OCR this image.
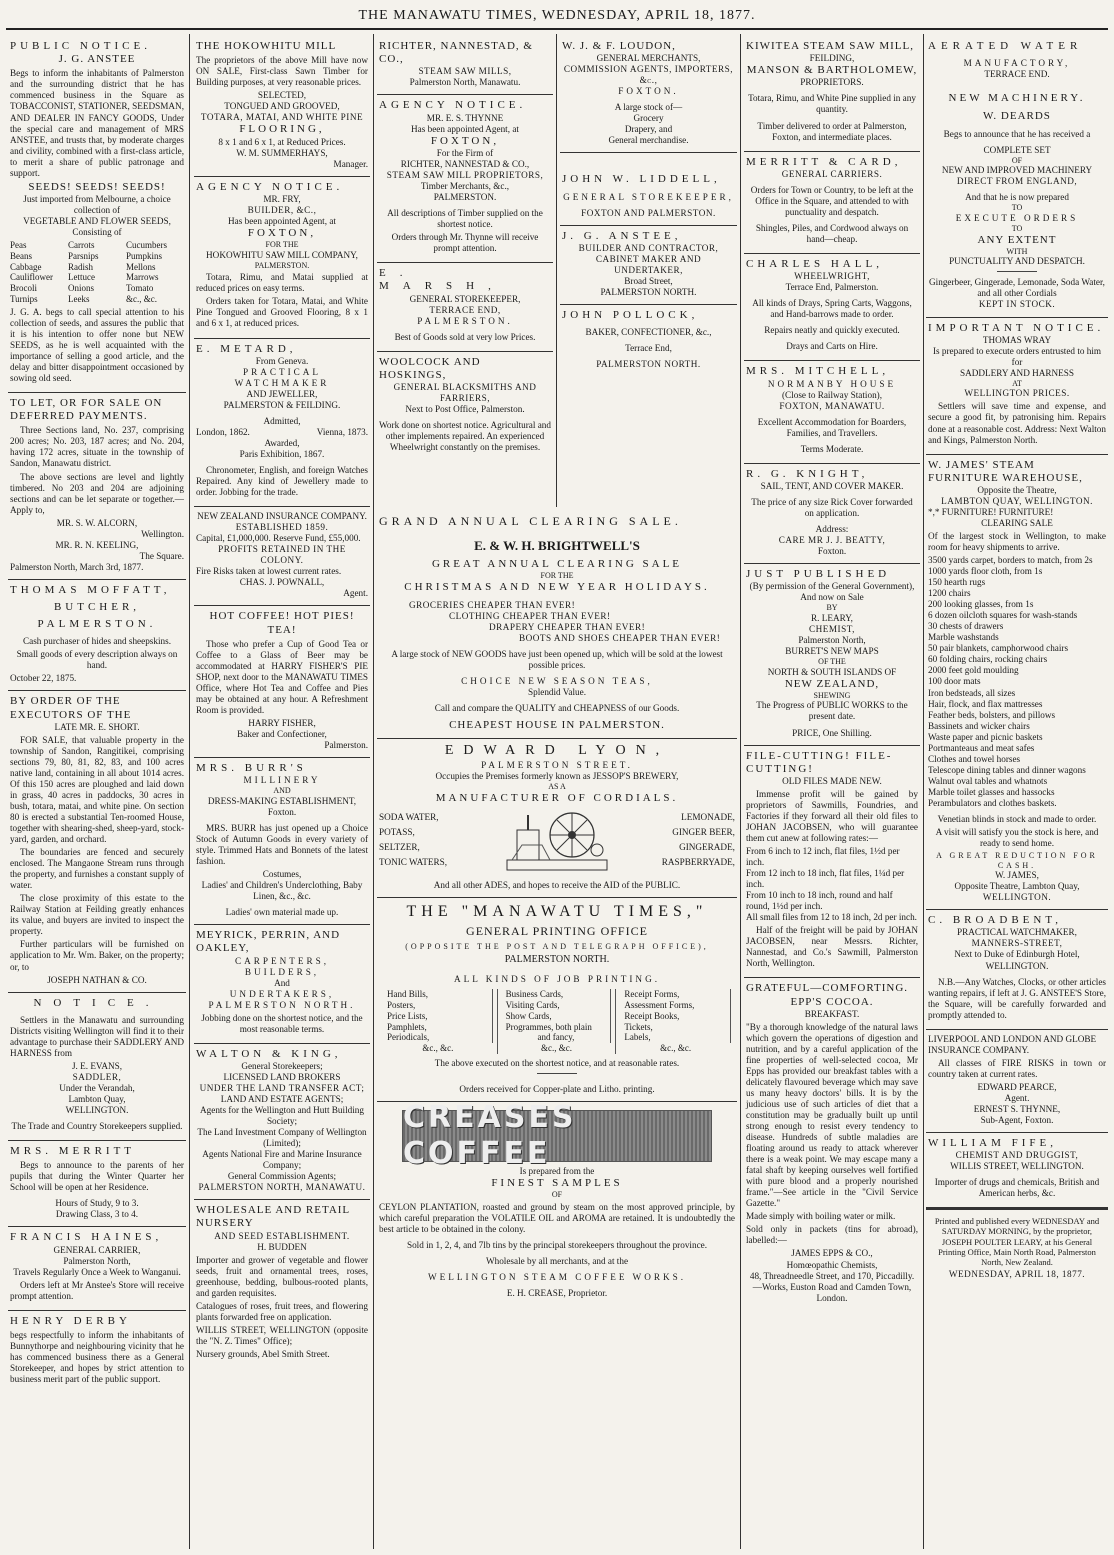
THE MANAWATU TIMES, WEDNESDAY, APRIL 18, 1877.
PUBLIC NOTICE.
J. G. ANSTEE

Begs to inform the inhabitants of Palmerston and the surrounding district that he has commenced business in the Square as TOBACCONIST, STATIONER, SEEDSMAN, AND DEALER IN FANCY GOODS, Under the special care and management of MRS ANSTEE, and trusts that, by moderate charges and civility, combined with a first-class article, to merit a share of public patronage and support.

SEEDS! SEEDS! SEEDS!
Just imported from Melbourne, a choice collection of
VEGETABLE AND FLOWER SEEDS,
Consisting of
Peas	Carrots	Cucumbers
Beans	Parsnips	Pumpkins
Cabbage	Radish	Mellons
Cauliflower	Lettuce	Marrows
Brocoli	Onions	Tomato
Turnips	Leeks	&c., &c.

J. G. A. begs to call special attention to his collection of seeds, and assures the public that it is his intention to offer none but NEW SEEDS, as he is well acquainted with the importance of selling a good article, and the delay and bitter disappointment occasioned by sowing old seed.

TO LET, OR FOR SALE ON DEFERRED PAYMENTS.

Three Sections land, No. 237, comprising 200 acres; No. 203, 187 acres; and No. 204, having 172 acres, situate in the township of Sandon, Manawatu district.

The above sections are level and lightly timbered. No 203 and 204 are adjoining sections and can be let separate or together.—Apply to,

MR. S. W. ALCORN,
Wellington.
MR. R. N. KEELING,
The Square.
Palmerston North, March 3rd, 1877.
THOMAS MOFFATT,
BUTCHER,
PALMERSTON.

Cash purchaser of hides and sheepskins.

Small goods of every description always on hand.

October 22, 1875.
BY ORDER OF THE EXECUTORS OF THE
LATE MR. E. SHORT.

FOR SALE, that valuable property in the township of Sandon, Rangitikei, comprising sections 79, 80, 81, 82, 83, and 100 acres native land, containing in all about 1014 acres. Of this 150 acres are ploughed and laid down in grass, 40 acres in paddocks, 30 acres in bush, totara, matai, and white pine. On section 80 is erected a substantial Ten-roomed House, together with shearing-shed, sheep-yard, stock-yard, garden, and orchard.

The boundaries are fenced and securely enclosed. The Mangaone Stream runs through the property, and furnishes a constant supply of water.

The close proximity of this estate to the Railway Station at Feilding greatly enhances its value, and buyers are invited to inspect the property.

Further particulars will be furnished on application to Mr. Wm. Baker, on the property; or, to

JOSEPH NATHAN & CO.
NOTICE.

Settlers in the Manawatu and surrounding Districts visiting Wellington will find it to their advantage to purchase their SADDLERY AND HARNESS from

J. E. EVANS,
SADDLER,
Under the Verandah,
Lambton Quay,
WELLINGTON.

The Trade and Country Storekeepers supplied.

MRS. MERRITT

Begs to announce to the parents of her pupils that during the Winter Quarter her School will be open at her Residence.

Hours of Study, 9 to 3.
Drawing Class, 3 to 4.
FRANCIS HAINES,
GENERAL CARRIER,
Palmerston North,
Travels Regularly Once a Week to Wanganui.

Orders left at Mr Anstee's Store will receive prompt attention.

HENRY DERBY

begs respectfully to inform the inhabitants of Bunnythorpe and neighbouring vicinity that he has commenced business there as a General Storekeeper, and hopes by strict attention to business merit part of the public support.

THE HOKOWHITU MILL

The proprietors of the above Mill have now ON SALE, First-class Sawn Timber for Building purposes, at very reasonable prices.

SELECTED,
TONGUED AND GROOVED,
TOTARA, MATAI, AND WHITE PINE
FLOORING,
8 x 1 and 6 x 1, at Reduced Prices.
W. M. SUMMERHAYS,
Manager.
AGENCY NOTICE.
MR. FRY,
BUILDER, &C.,
Has been appointed Agent, at
FOXTON,
FOR THE
HOKOWHITU SAW MILL COMPANY,
PALMERSTON.

Totara, Rimu, and Matai supplied at reduced prices on easy terms.

Orders taken for Totara, Matai, and White Pine Tongued and Grooved Flooring, 8 x 1 and 6 x 1, at reduced prices.

E. METARD,
From Geneva.
PRACTICAL WATCHMAKER
AND JEWELLER,
PALMERSTON & FEILDING.
Admitted,
London, 1862.	Vienna, 1873.
Awarded,
Paris Exhibition, 1867.

Chronometer, English, and foreign Watches Repaired. Any kind of Jewellery made to order. Jobbing for the trade.

NEW ZEALAND INSURANCE COMPANY.
ESTABLISHED 1859.
Capital, £1,000,000. Reserve Fund, £55,000.
PROFITS RETAINED IN THE COLONY.
Fire Risks taken at lowest current rates.
CHAS. J. POWNALL,
Agent.
HOT COFFEE! HOT PIES! TEA!

Those who prefer a Cup of Good Tea or Coffee to a Glass of Beer may be accommodated at HARRY FISHER'S PIE SHOP, next door to the MANAWATU TIMES Office, where Hot Tea and Coffee and Pies may be obtained at any hour. A Refreshment Room is provided.

HARRY FISHER,
Baker and Confectioner,
Palmerston.
MRS. BURR'S
MILLINERY
AND
DRESS-MAKING ESTABLISHMENT,
Foxton.

MRS. BURR has just opened up a Choice Stock of Autumn Goods in every variety of style. Trimmed Hats and Bonnets of the latest fashion.

Costumes,
Ladies' and Children's Underclothing, Baby Linen, &c., &c.
Ladies' own material made up.
MEYRICK, PERRIN, AND OAKLEY,
CARPENTERS, BUILDERS,
And
UNDERTAKERS,
PALMERSTON NORTH.

Jobbing done on the shortest notice, and the most reasonable terms.

WALTON & KING,
General Storekeepers;
LICENSED LAND BROKERS
UNDER THE LAND TRANSFER ACT;
LAND AND ESTATE AGENTS;
Agents for the Wellington and Hutt Building Society;
The Land Investment Company of Wellington (Limited);
Agents National Fire and Marine Insurance Company;
General Commission Agents;
PALMERSTON NORTH, MANAWATU.
WHOLESALE AND RETAIL NURSERY
AND SEED ESTABLISHMENT.
H. BUDDEN

Importer and grower of vegetable and flower seeds, fruit and ornamental trees, roses, greenhouse, bedding, bulbous-rooted plants, and garden requisites.

Catalogues of roses, fruit trees, and flowering plants forwarded free on application.

WILLIS STREET, WELLINGTON (opposite the "N. Z. Times" Office);

Nursery grounds, Abel Smith Street.
RICHTER, NANNESTAD, & CO.,
STEAM SAW MILLS,
Palmerston North, Manawatu.
AGENCY NOTICE.
MR. E. S. THYNNE
Has been appointed Agent, at
FOXTON,
For the Firm of
RICHTER, NANNESTAD & CO.,
STEAM SAW MILL PROPRIETORS,
Timber Merchants, &c.,
PALMERSTON.

All descriptions of Timber supplied on the shortest notice.

Orders through Mr. Thynne will receive prompt attention.

E. MARSH,
GENERAL STOREKEEPER,
TERRACE END,
PALMERSTON.

Best of Goods sold at very low Prices.

WOOLCOCK AND HOSKINGS,
GENERAL BLACKSMITHS AND FARRIERS,
Next to Post Office, Palmerston.

Work done on shortest notice. Agricultural and other implements repaired. An experienced Wheelwright constantly on the premises.

W. J. & F. LOUDON,
GENERAL MERCHANTS,
COMMISSION AGENTS, IMPORTERS, &c.,
FOXTON.
A large stock of—
Grocery
Drapery, and
General merchandise.
JOHN W. LIDDELL,
GENERAL STOREKEEPER,
FOXTON AND PALMERSTON.
J. G. ANSTEE,
BUILDER AND CONTRACTOR,
CABINET MAKER AND UNDERTAKER,
Broad Street,
PALMERSTON NORTH.
JOHN POLLOCK,
BAKER, CONFECTIONER, &c.,
Terrace End,
PALMERSTON NORTH.
GRAND ANNUAL CLEARING SALE.
E. & W. H. BRIGHTWELL'S
GREAT ANNUAL CLEARING SALE
FOR THE
CHRISTMAS AND NEW YEAR HOLIDAYS.
GROCERIES CHEAPER THAN EVER!
CLOTHING CHEAPER THAN EVER!
DRAPERY CHEAPER THAN EVER!
BOOTS AND SHOES CHEAPER THAN EVER!

A large stock of NEW GOODS have just been opened up, which will be sold at the lowest possible prices.

CHOICE NEW SEASON TEAS,
Splendid Value.

Call and compare the QUALITY and CHEAPNESS of our Goods.

CHEAPEST HOUSE IN PALMERSTON.
EDWARD LYON,
PALMERSTON STREET.
Occupies the Premises formerly known as JESSOP'S BREWERY,
AS A
MANUFACTURER OF CORDIALS.
SODA WATER,
POTASS,
SELTZER,
TONIC WATERS,
LEMONADE,
GINGER BEER,
GINGERADE,
RASPBERRYADE,
And all other ADES, and hopes to receive the AID of the PUBLIC.
THE "MANAWATU TIMES,"
GENERAL PRINTING OFFICE
(OPPOSITE THE POST AND TELEGRAPH OFFICE),
PALMERSTON NORTH.
ALL KINDS OF JOB PRINTING.
Hand Bills,
Posters,
Price Lists,
Pamphlets,
Periodicals,
&c., &c.
Business Cards,
Visiting Cards,
Show Cards,
Programmes, both plain
and fancy,
&c., &c.
Receipt Forms,
Assessment Forms,
Receipt Books,
Tickets,
Labels,
&c., &c.
The above executed on the shortest notice, and at reasonable rates.
Orders received for Copper-plate and Litho. printing.
CREASES COFFEE
Is prepared from the
FINEST SAMPLES
OF

CEYLON PLANTATION, roasted and ground by steam on the most approved principle, by which careful preparation the VOLATILE OIL and AROMA are retained. It is undoubtedly the best article to be obtained in the colony.

Sold in 1, 2, 4, and 7lb tins by the principal storekeepers throughout the province.
Wholesale by all merchants, and at the
WELLINGTON STEAM COFFEE WORKS.
E. H. CREASE, Proprietor.
KIWITEA STEAM SAW MILL,
FEILDING,
MANSON & BARTHOLOMEW,
PROPRIETORS.

Totara, Rimu, and White Pine supplied in any quantity.

Timber delivered to order at Palmerston, Foxton, and intermediate places.

MERRITT & CARD,
GENERAL CARRIERS.

Orders for Town or Country, to be left at the Office in the Square, and attended to with punctuality and despatch.

Shingles, Piles, and Cordwood always on hand—cheap.

CHARLES HALL,
WHEELWRIGHT,
Terrace End, Palmerston.

All kinds of Drays, Spring Carts, Waggons, and Hand-barrows made to order.

Repairs neatly and quickly executed.

Drays and Carts on Hire.

MRS. MITCHELL,
NORMANBY HOUSE
(Close to Railway Station),
FOXTON, MANAWATU.

Excellent Accommodation for Boarders, Families, and Travellers.

Terms Moderate.

R. G. KNIGHT,
SAIL, TENT, AND COVER MAKER.

The price of any size Rick Cover forwarded on application.

Address:
CARE MR J. J. BEATTY,
Foxton.
JUST PUBLISHED
(By permission of the General Government),
And now on Sale
BY
R. LEARY,
CHEMIST,
Palmerston North,
BURRET'S NEW MAPS
OF THE
NORTH & SOUTH ISLANDS OF
NEW ZEALAND,
SHEWING
The Progress of PUBLIC WORKS to the present date.
PRICE, One Shilling.
FILE-CUTTING! FILE-CUTTING!
OLD FILES MADE NEW.

Immense profit will be gained by proprietors of Sawmills, Foundries, and Factories if they forward all their old files to JOHAN JACOBSEN, who will guarantee them cut anew at following rates:—

From 6 inch to 12 inch, flat files, 1½d per inch.
From 12 inch to 18 inch, flat files, 1¼d per inch.
From 10 inch to 18 inch, round and half round, 1½d per inch.
All small files from 12 to 18 inch, 2d per inch.

Half of the freight will be paid by JOHAN JACOBSEN, near Messrs. Richter, Nannestad, and Co.'s Sawmill, Palmerston North, Wellington.

GRATEFUL—COMFORTING.
EPP'S COCOA.
BREAKFAST.

"By a thorough knowledge of the natural laws which govern the operations of digestion and nutrition, and by a careful application of the fine properties of well-selected cocoa, Mr Epps has provided our breakfast tables with a delicately flavoured beverage which may save us many heavy doctors' bills. It is by the judicious use of such articles of diet that a constitution may be gradually built up until strong enough to resist every tendency to disease. Hundreds of subtle maladies are floating around us ready to attack wherever there is a weak point. We may escape many a fatal shaft by keeping ourselves well fortified with pure blood and a properly nourished frame."—See article in the "Civil Service Gazette."

Made simply with boiling water or milk.

Sold only in packets (tins for abroad), labelled:—

JAMES EPPS & CO.,
Homœopathic Chemists,
48, Threadneedle Street, and 170, Piccadilly.—Works, Euston Road and Camden Town, London.
AERATED WATER
MANUFACTORY,
TERRACE END.
NEW MACHINERY.
W. DEARDS
Begs to announce that he has received a
COMPLETE SET
OF
NEW AND IMPROVED MACHINERY
DIRECT FROM ENGLAND,
And that he is now prepared
TO
EXECUTE ORDERS
TO
ANY EXTENT
WITH
PUNCTUALITY AND DESPATCH.
Gingerbeer, Gingerade, Lemonade, Soda Water, and all other Cordials
KEPT IN STOCK.
IMPORTANT NOTICE.
THOMAS WRAY
Is prepared to execute orders entrusted to him for
SADDLERY AND HARNESS
AT
WELLINGTON PRICES.

Settlers will save time and expense, and secure a good fit, by patronising him. Repairs done at a reasonable cost. Address: Next Walton and Kings, Palmerston North.

W. JAMES' STEAM FURNITURE WAREHOUSE,
Opposite the Theatre,
LAMBTON QUAY, WELLINGTON.
*,* FURNITURE! FURNITURE!
CLEARING SALE

Of the largest stock in Wellington, to make room for heavy shipments to arrive.

3500 yards carpet, borders to match, from 2s
1000 yards floor cloth, from 1s
150 hearth rugs
1200 chairs
200 looking glasses, from 1s
6 dozen oilcloth squares for wash-stands
30 chests of drawers
Marble washstands
50 pair blankets, camphorwood chairs
60 folding chairs, rocking chairs
2000 feet gold moulding
100 door mats
Iron bedsteads, all sizes
Hair, flock, and flax mattresses
Feather beds, bolsters, and pillows
Bassinets and wicker chairs
Waste paper and picnic baskets
Portmanteaus and meat safes
Clothes and towel horses
Telescope dining tables and dinner wagons
Walnut oval tables and whatnots
Marble toilet glasses and hassocks
Perambulators and clothes baskets.

Venetian blinds in stock and made to order.

A visit will satisfy you the stock is here, and ready to send home.

A GREAT REDUCTION FOR CASH.
W. JAMES,
Opposite Theatre, Lambton Quay,
WELLINGTON.
C. BROADBENT,
PRACTICAL WATCHMAKER,
MANNERS-STREET,
Next to Duke of Edinburgh Hotel,
WELLINGTON.

N.B.—Any Watches, Clocks, or other articles wanting repairs, if left at J. G. ANSTEE'S Store, the Square, will be carefully forwarded and promptly attended to.

LIVERPOOL AND LONDON AND GLOBE INSURANCE COMPANY.

All classes of FIRE RISKS in town or country taken at current rates.

EDWARD PEARCE,
Agent.
ERNEST S. THYNNE,
Sub-Agent, Foxton.
WILLIAM FIFE,
CHEMIST AND DRUGGIST,
WILLIS STREET, WELLINGTON.

Importer of drugs and chemicals, British and American herbs, &c.

Printed and published every WEDNESDAY and SATURDAY MORNING, by the proprietor, JOSEPH POULTER LEARY, at his General Printing Office, Main North Road, Palmerston North, New Zealand.

WEDNESDAY, APRIL 18, 1877.
